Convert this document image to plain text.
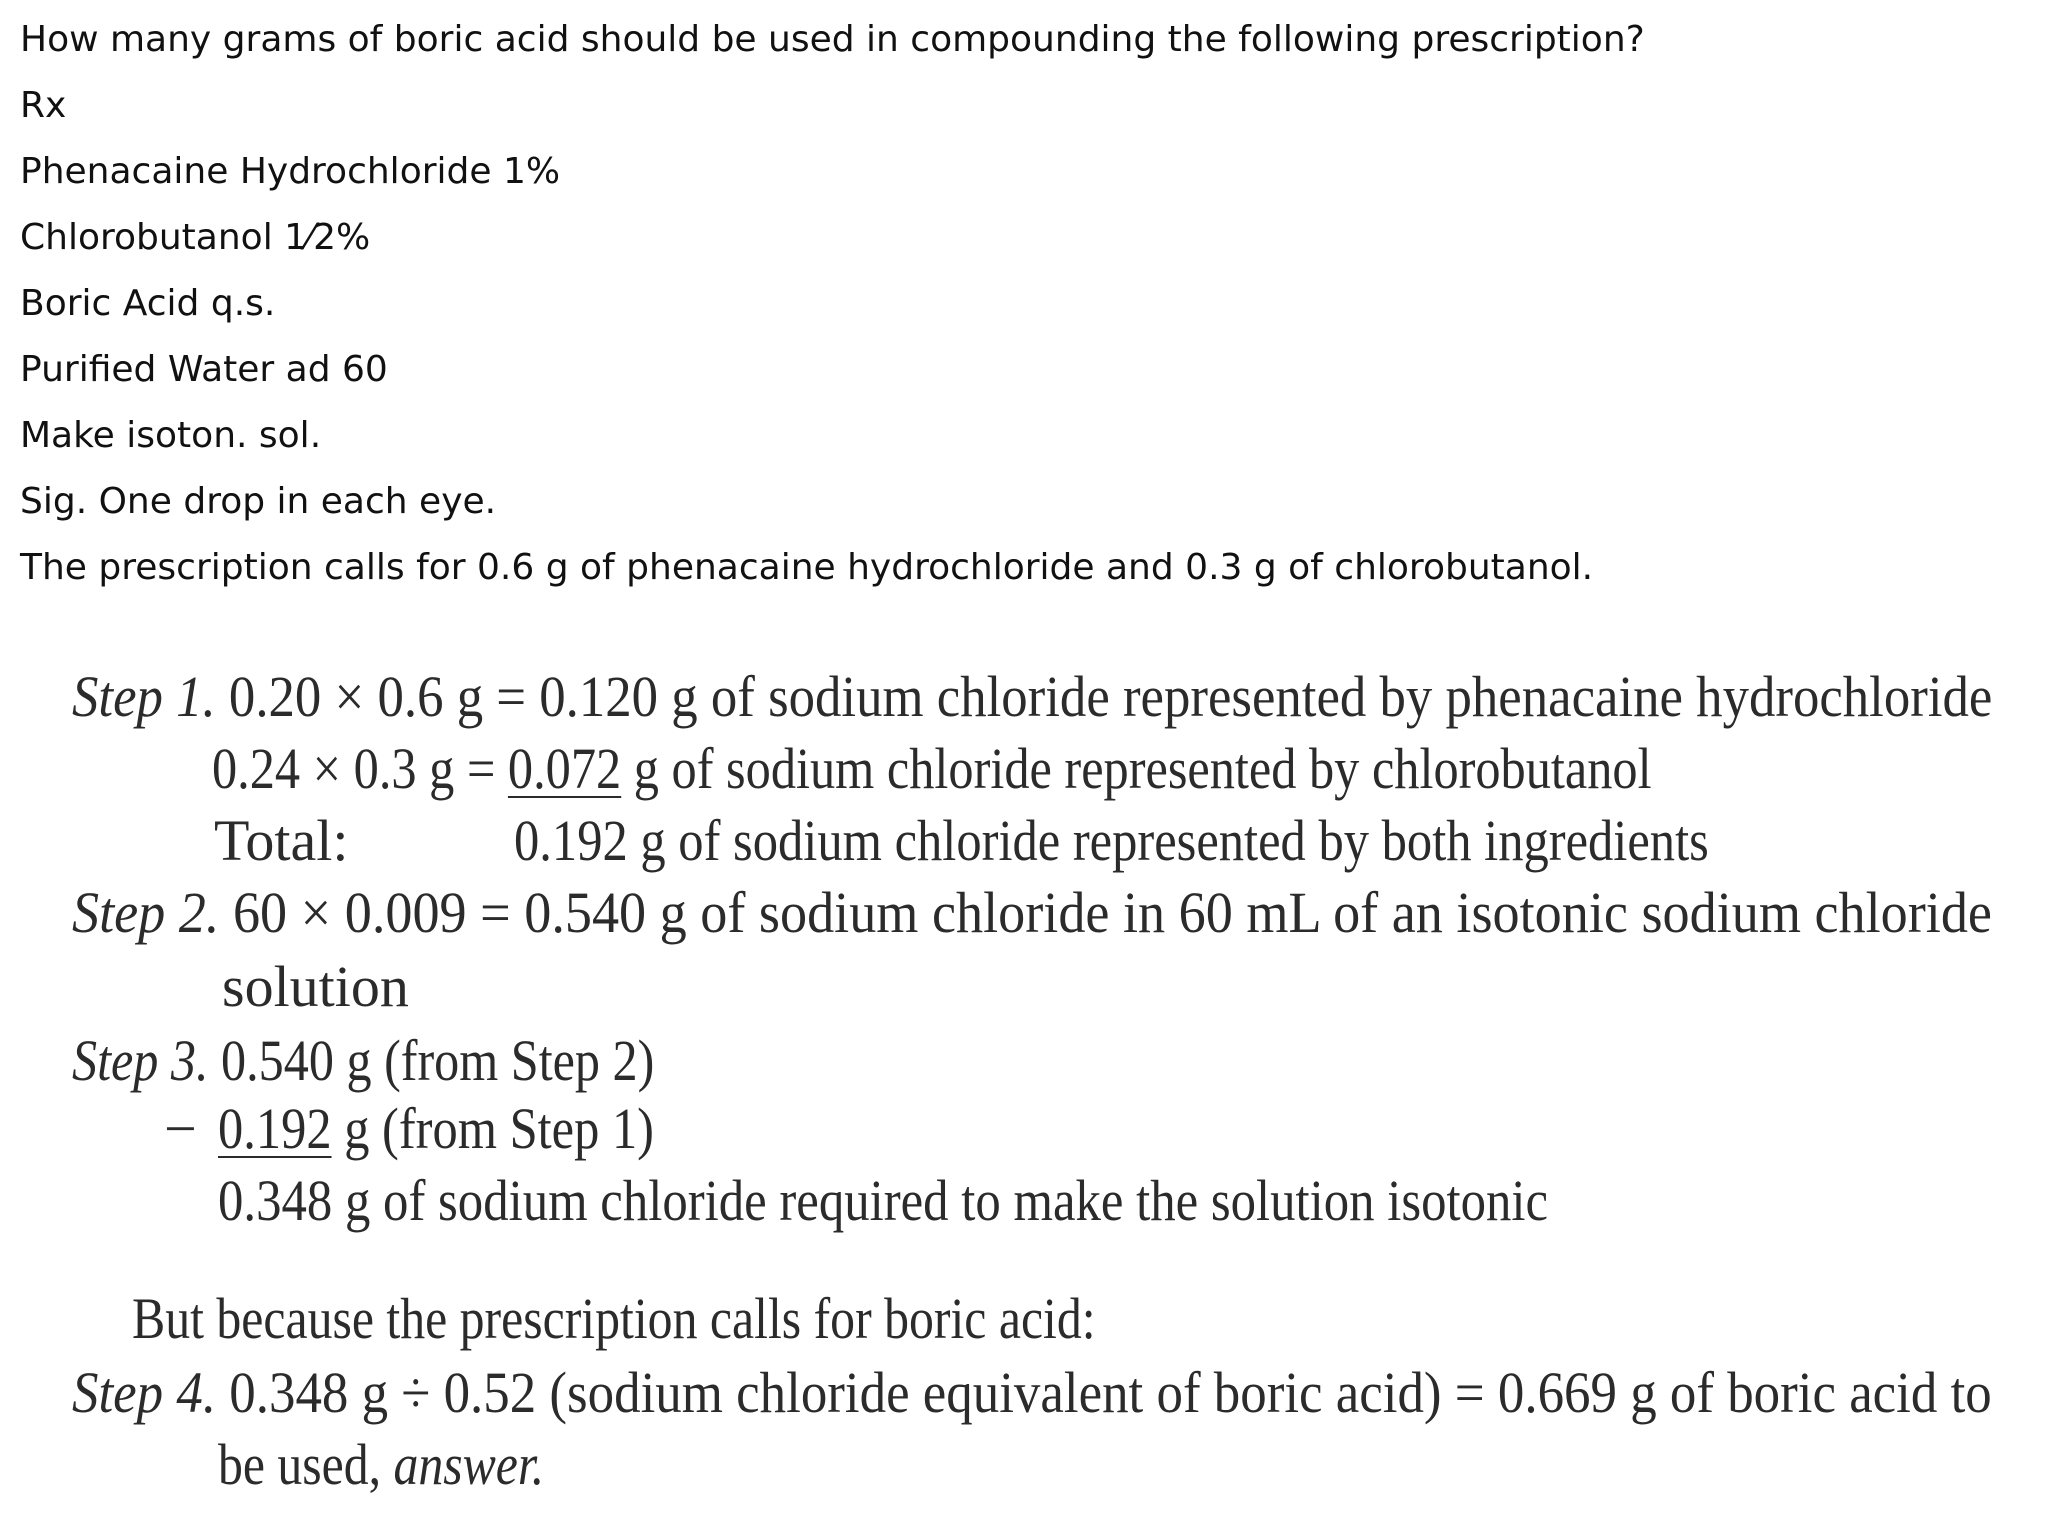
How many grams of boric acid should be used in compounding the following prescription?
Rx
Phenacaine Hydrochloride 1%
Chlorobutanol 1⁄2%
Boric Acid q.s.
Purified Water ad 60
Make isoton. sol.
Sig. One drop in each eye.
The prescription calls for 0.6 g of phenacaine hydrochloride and 0.3 g of chlorobutanol.
Step 1. 0.20 × 0.6 g = 0.120 g of sodium chloride represented by phenacaine hydrochloride
0.24 × 0.3 g = 0.072 g of sodium chloride represented by chlorobutanol
Total:	0.192 g of sodium chloride represented by both ingredients
Step 2. 60 × 0.009 = 0.540 g of sodium chloride in 60 mL of an isotonic sodium chloride
solution
Step 3. 0.540 g (from Step 2)
− 0.192 g (from Step 1)
0.348 g of sodium chloride required to make the solution isotonic
But because the prescription calls for boric acid:
Step 4. 0.348 g ÷ 0.52 (sodium chloride equivalent of boric acid) = 0.669 g of boric acid to
be used, answer.
